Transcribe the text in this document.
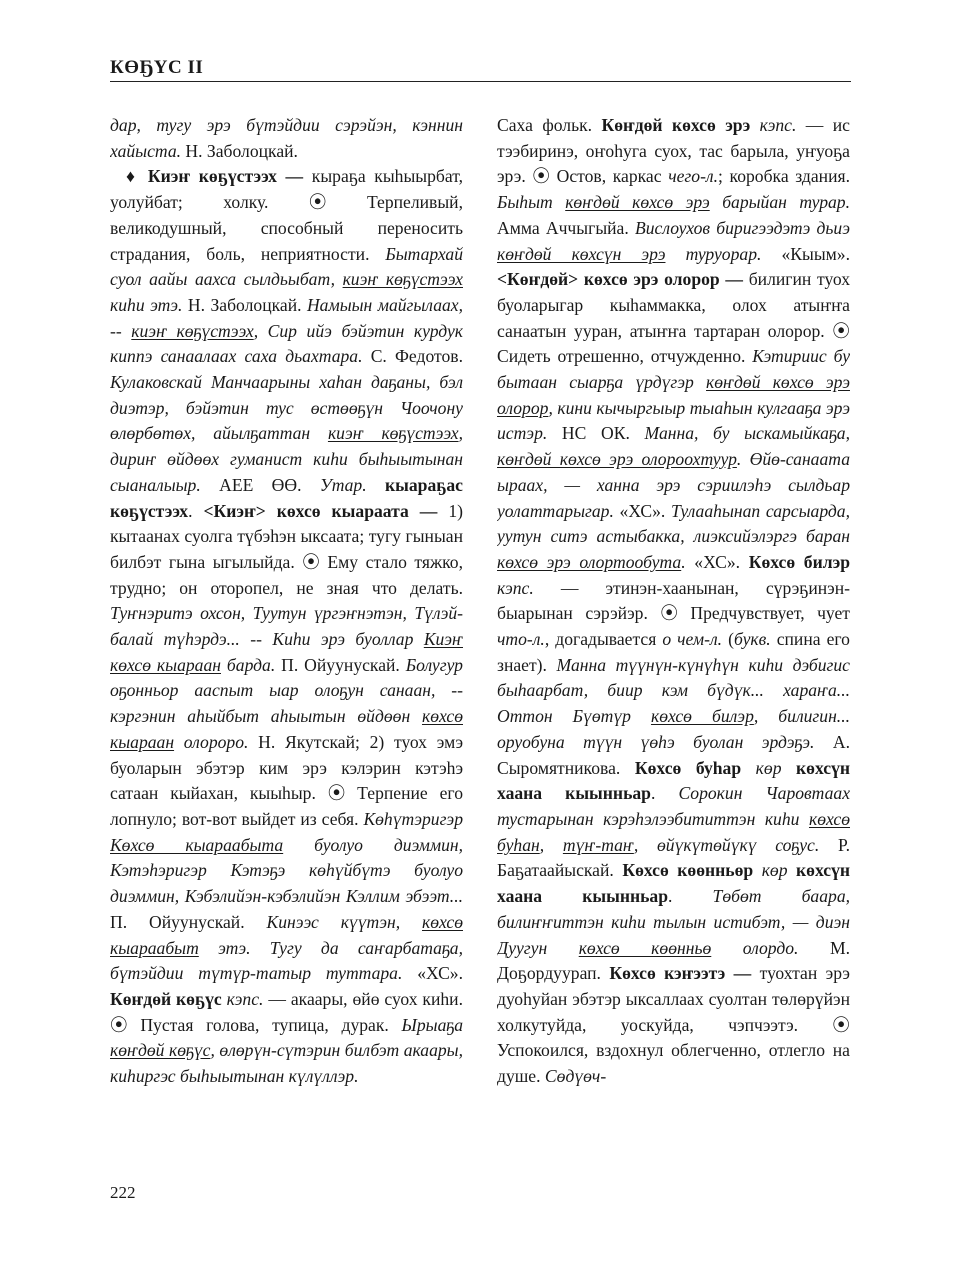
КӨҔҮС II

дар, тугу эрэ бүтэйдии сэрэйэн, кэннин хайыста. Н. Заболоцкай.

♦ Киэҥ көҕүстээх — кыраҕа кыһыырбат, уолуйбат; холку. ⦿ Терпеливый, великодушный, способный переносить страдания, боль, неприятности. Бытархай суол аайы аахса сылдьыбат, киэҥ көҕүстээх киһи этэ. Н. Заболоцкай. Намыын майгылаах, -- киэҥ көҕүстээх, Сир ийэ бэйэтин курдук киппэ санаалаах саха дьахтара. С. Федотов. Кулаковскай Манчаарыны хаһан даҕаны, бэл диэтэр, бэйэтин тус өстөөҕүн Чоочону өлөрбөтөх, айылҕаттан киэҥ көҕүстээх, дириҥ өйдөөх гуманист киһи быһыытынан сыаналыыр. АЕЕ ӨӨ. Утар. кыараҕас көҕүстээх. <Киэҥ> көхсө кыараата — 1) кытаанах суолга түбэһэн ыксаата; тугу гыныан билбэт гына ыгылыйда. ⦿ Ему стало тяжко, трудно; он оторопел, не зная что делать. Туҥнэритэ охсон, Туутун үргэҥнэтэн, Түлэй-балай түһэрдэ... -- Киһи эрэ буоллар Киэҥ көхсө кыараан барда. П. Ойуунускай. Болугур оҕонньор ааспыт ыар олоҕун санаан, -- кэргэнин аһыйбыт аһыытын өйдөөн көхсө кыараан олороро. Н. Якутскай; 2) туох эмэ буоларын эбэтэр ким эрэ кэлэрин кэтэһэ сатаан кыйахан, кыыһыр. ⦿ Терпение его лопнуло; вот-вот выйдет из себя. Көһүтэригэр Көхсө кыараабыта буолуо диэммин, Кэтэһэригэр Кэтэҕэ көһүйбүтэ буолуо диэммин, Кэбэлийэн-кэбэлийэн Кэллим эбээт... П. Ойуунускай. Кинээс күүтэн, көхсө кыараабыт этэ. Тугу да саҥарбатаҕа, бүтэйдии түтүр-татыр туттара. «ХС». Көҥдөй көҕүс кэпс. — акаары, өйө суох киһи. ⦿ Пустая голова, тупица, дурак. Ырыаҕа көҥдөй көҕүс, өлөрүн-сүтэрин билбэт акаары, киһиргэс быһыытынан күлүллэр.

Саха фольк. Көҥдөй көхсө эрэ кэпс. — ис тээбиринэ, оҥоһуга суох, тас барыла, уҥуоҕа эрэ. ⦿ Остов, каркас чего-л.; коробка здания. Быһыт көҥдөй көхсө эрэ барыйан турар. Амма Аччыгыйа. Вислоухов биригээдэтэ дьиэ көҥдөй көхсүн эрэ туруорар. «Кыым». <Көҥдөй> көхсө эрэ олорор — билигин туох буоларыгар кыһаммакка, олох атыҥҥа санаатын ууран, атыҥҥа тартаран олорор. ⦿ Сидеть отрешенно, отчужденно. Кэтириис бу бытаан сыарҕа үрдүгэр көҥдөй көхсө эрэ олорор, кини кычыргыыр тыаһын кулгааҕа эрэ истэр. НС ОК. Манна, бу ыскамыйкаҕа, көҥдөй көхсө эрэ олороохтуур. Өйө-санаата ыраах, — ханна эрэ сэриилэһэ сылдьар уолаттарыгар. «ХС». Тулааһынап сарсыарда, уутун ситэ астыбакка, лиэксийэлэргэ баран көхсө эрэ олортообута. «ХС». Көхсө билэр кэпс. — этинэн-хаанынан, сүрэҕинэн-быарынан сэрэйэр. ⦿ Предчувствует, чует что-л., догадывается о чем-л. (букв. спина его знает). Манна түүнүн-күнүһүн киһи дэбигис быһаарбат, биир кэм бүдүк... хараҥа... Оттон Бүөтүр көхсө билэр, билигин... оруобуна түүн үөһэ буолан эрдэҕэ. А. Сыромятникова. Көхсө буһар көр көхсүн хаана кыынньар. Сорокин Чаровтаах тустарынан кэрэһэлээбититтэн киһи көхсө буһан, түҥ-таҥ, өйүкүтөйүкү соҕус. Р. Баҕатаайыскай. Көхсө көөнньөр көр көхсүн хаана кыынньар. Төбөт баара, билиҥҥиттэн киһи тылын истибэт, — диэн Дуугун көхсө көөнньө олордо. М. Доҕордуурап. Көхсө кэҥээтэ — туохтан эрэ дуоһуйан эбэтэр ыксаллаах суолтан төлөрүйэн холкутуйда, уоскуйда, чэпчээтэ. ⦿ Успокоился, вздохнул облегченно, отлегло на душе. Сөдүөч-

222
